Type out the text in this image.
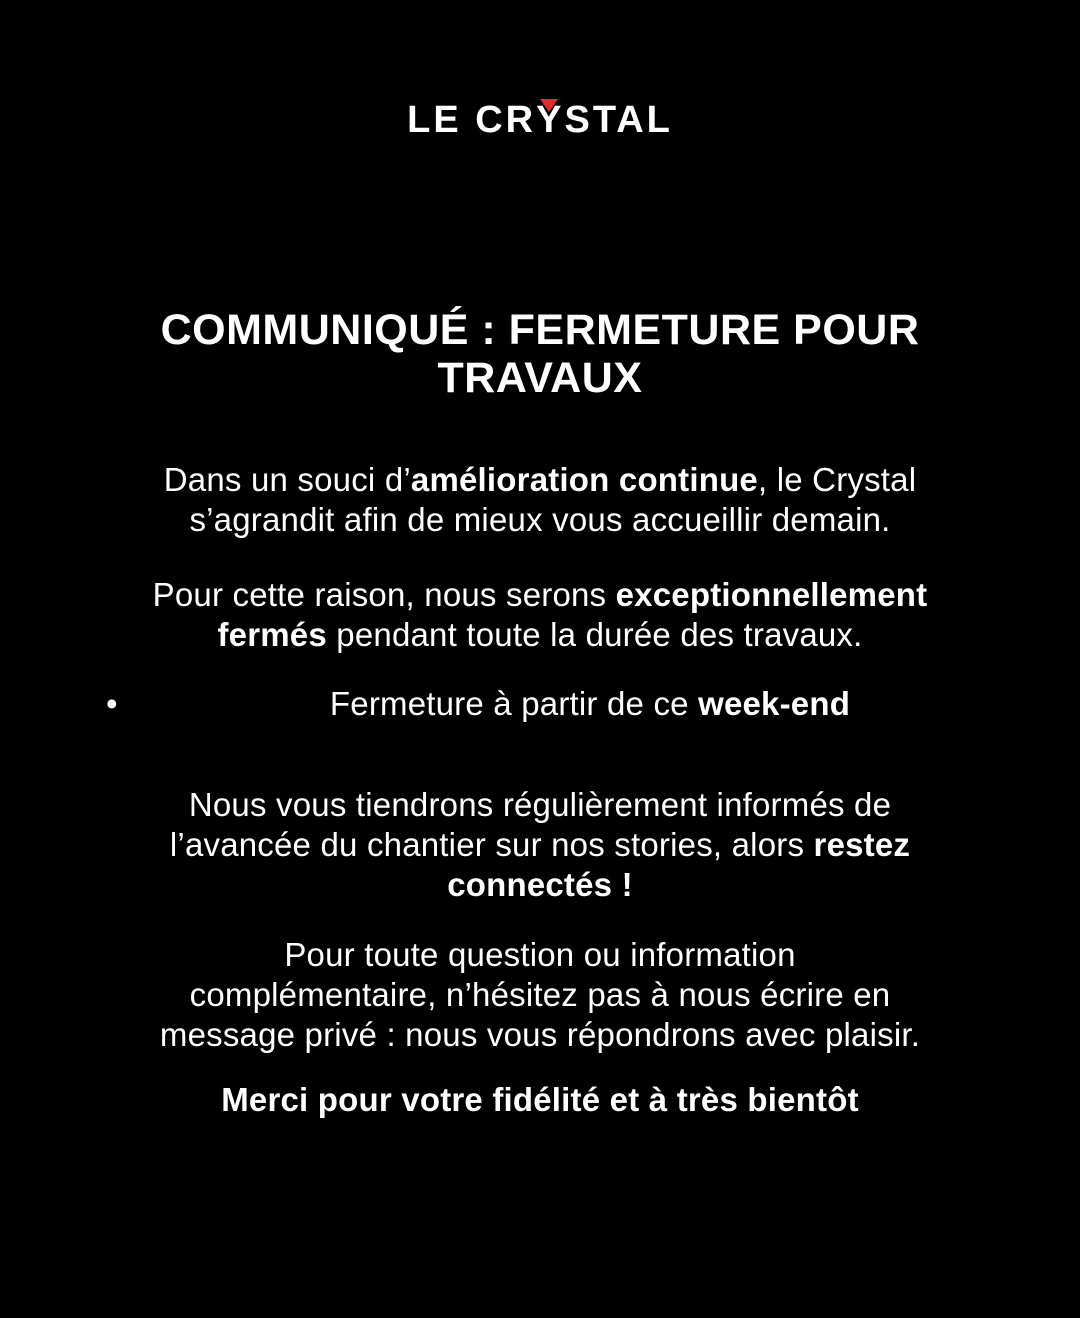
LE CR
YSTAL
COMMUNIQUÉ : FERMETURE POUR
TRAVAUX

Dans un souci d’amélioration continue, le Crystal
s’agrandit afin de mieux vous accueillir demain.

Pour cette raison, nous serons exceptionnellement
fermés pendant toute la durée des travaux.

•	Fermeture à partir de ce week-end

Nous vous tiendrons régulièrement informés de
l’avancée du chantier sur nos stories, alors restez
connectés !

Pour toute question ou information
complémentaire, n’hésitez pas à nous écrire en
message privé : nous vous répondrons avec plaisir.

Merci pour votre fidélité et à très bientôt
